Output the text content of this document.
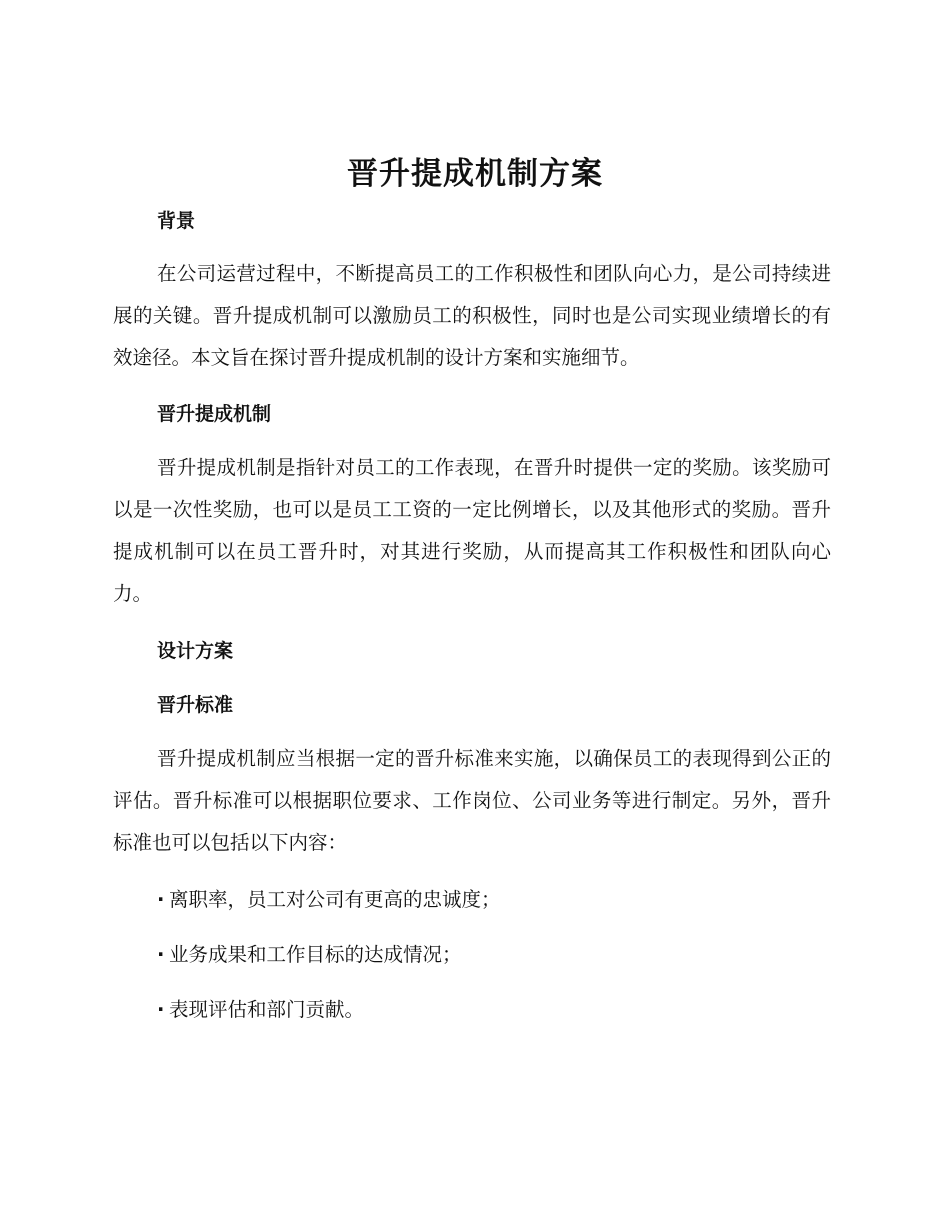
晋升提成机制方案
背景

在公司运营过程中，不断提高员工的工作积极性和团队向心力，是公司持续进展的关键。晋升提成机制可以激励员工的积极性，同时也是公司实现业绩增长的有效途径。本文旨在探讨晋升提成机制的设计方案和实施细节。

晋升提成机制

晋升提成机制是指针对员工的工作表现，在晋升时提供一定的奖励。该奖励可以是一次性奖励，也可以是员工工资的一定比例增长，以及其他形式的奖励。晋升提成机制可以在员工晋升时，对其进行奖励，从而提高其工作积极性和团队向心力。

设计方案
晋升标准

晋升提成机制应当根据一定的晋升标准来实施，以确保员工的表现得到公正的评估。晋升标准可以根据职位要求、工作岗位、公司业务等进行制定。另外，晋升标准也可以包括以下内容：

· 离职率，员工对公司有更高的忠诚度；
· 业务成果和工作目标的达成情况；
· 表现评估和部门贡献。
